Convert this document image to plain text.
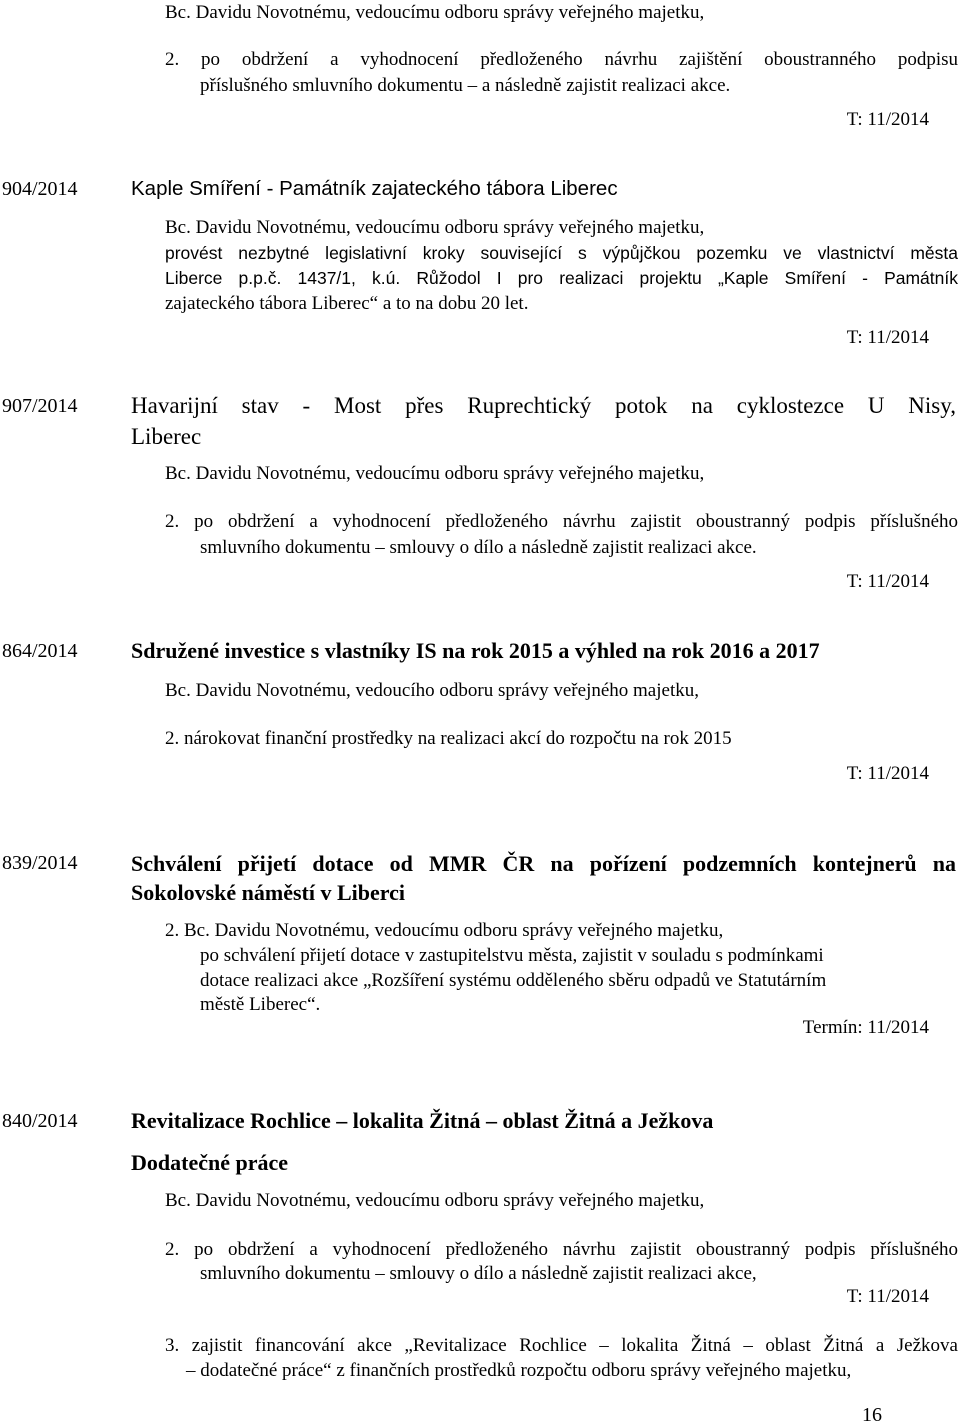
Bc. Davidu Novotnému, vedoucímu odboru správy veřejného majetku,
2. po obdržení a vyhodnocení předloženého návrhu zajištění oboustranného podpisu
příslušného smluvního dokumentu – a následně zajistit realizaci akce.
T: 11/2014
904/2014	Kaple Smíření - Památník zajateckého tábora Liberec
Bc. Davidu Novotnému, vedoucímu odboru správy veřejného majetku,
provést nezbytné legislativní kroky související s výpůjčkou pozemku ve vlastnictví města
Liberce p.p.č. 1437/1, k.ú. Růžodol I pro realizaci projektu „Kaple Smíření - Památník
zajateckého tábora Liberec“ a to na dobu 20 let.
T: 11/2014
907/2014 Havarijní stav - Most přes Ruprechtický potok na cyklostezce U Nisy,
Liberec
Bc. Davidu Novotnému, vedoucímu odboru správy veřejného majetku,
2. po obdržení a vyhodnocení předloženého návrhu zajistit oboustranný podpis příslušného
smluvního dokumentu – smlouvy o dílo a následně zajistit realizaci akce.
T: 11/2014
864/2014 Sdružené investice s vlastníky IS na rok 2015 a výhled na rok 2016 a 2017
Bc. Davidu Novotnému, vedoucího odboru správy veřejného majetku,
2. nárokovat finanční prostředky na realizaci akcí do rozpočtu na rok 2015
T: 11/2014
839/2014 Schválení přijetí dotace od MMR ČR na pořízení podzemních kontejnerů na
Sokolovské náměstí v Liberci
2. Bc. Davidu Novotnému, vedoucímu odboru správy veřejného majetku,
po schválení přijetí dotace v zastupitelstvu města, zajistit v souladu s podmínkami
dotace realizaci akce „Rozšíření systému odděleného sběru odpadů ve Statutárním
městě Liberec“.
Termín: 11/2014
840/2014 Revitalizace Rochlice – lokalita Žitná – oblast Žitná a Ježkova
Dodatečné práce
Bc. Davidu Novotnému, vedoucímu odboru správy veřejného majetku,
2. po obdržení a vyhodnocení předloženého návrhu zajistit oboustranný podpis příslušného
smluvního dokumentu – smlouvy o dílo a následně zajistit realizaci akce,
T: 11/2014
3. zajistit financování akce „Revitalizace Rochlice – lokalita Žitná – oblast Žitná a Ježkova
– dodatečné práce“ z finančních prostředků rozpočtu odboru správy veřejného majetku,
16
